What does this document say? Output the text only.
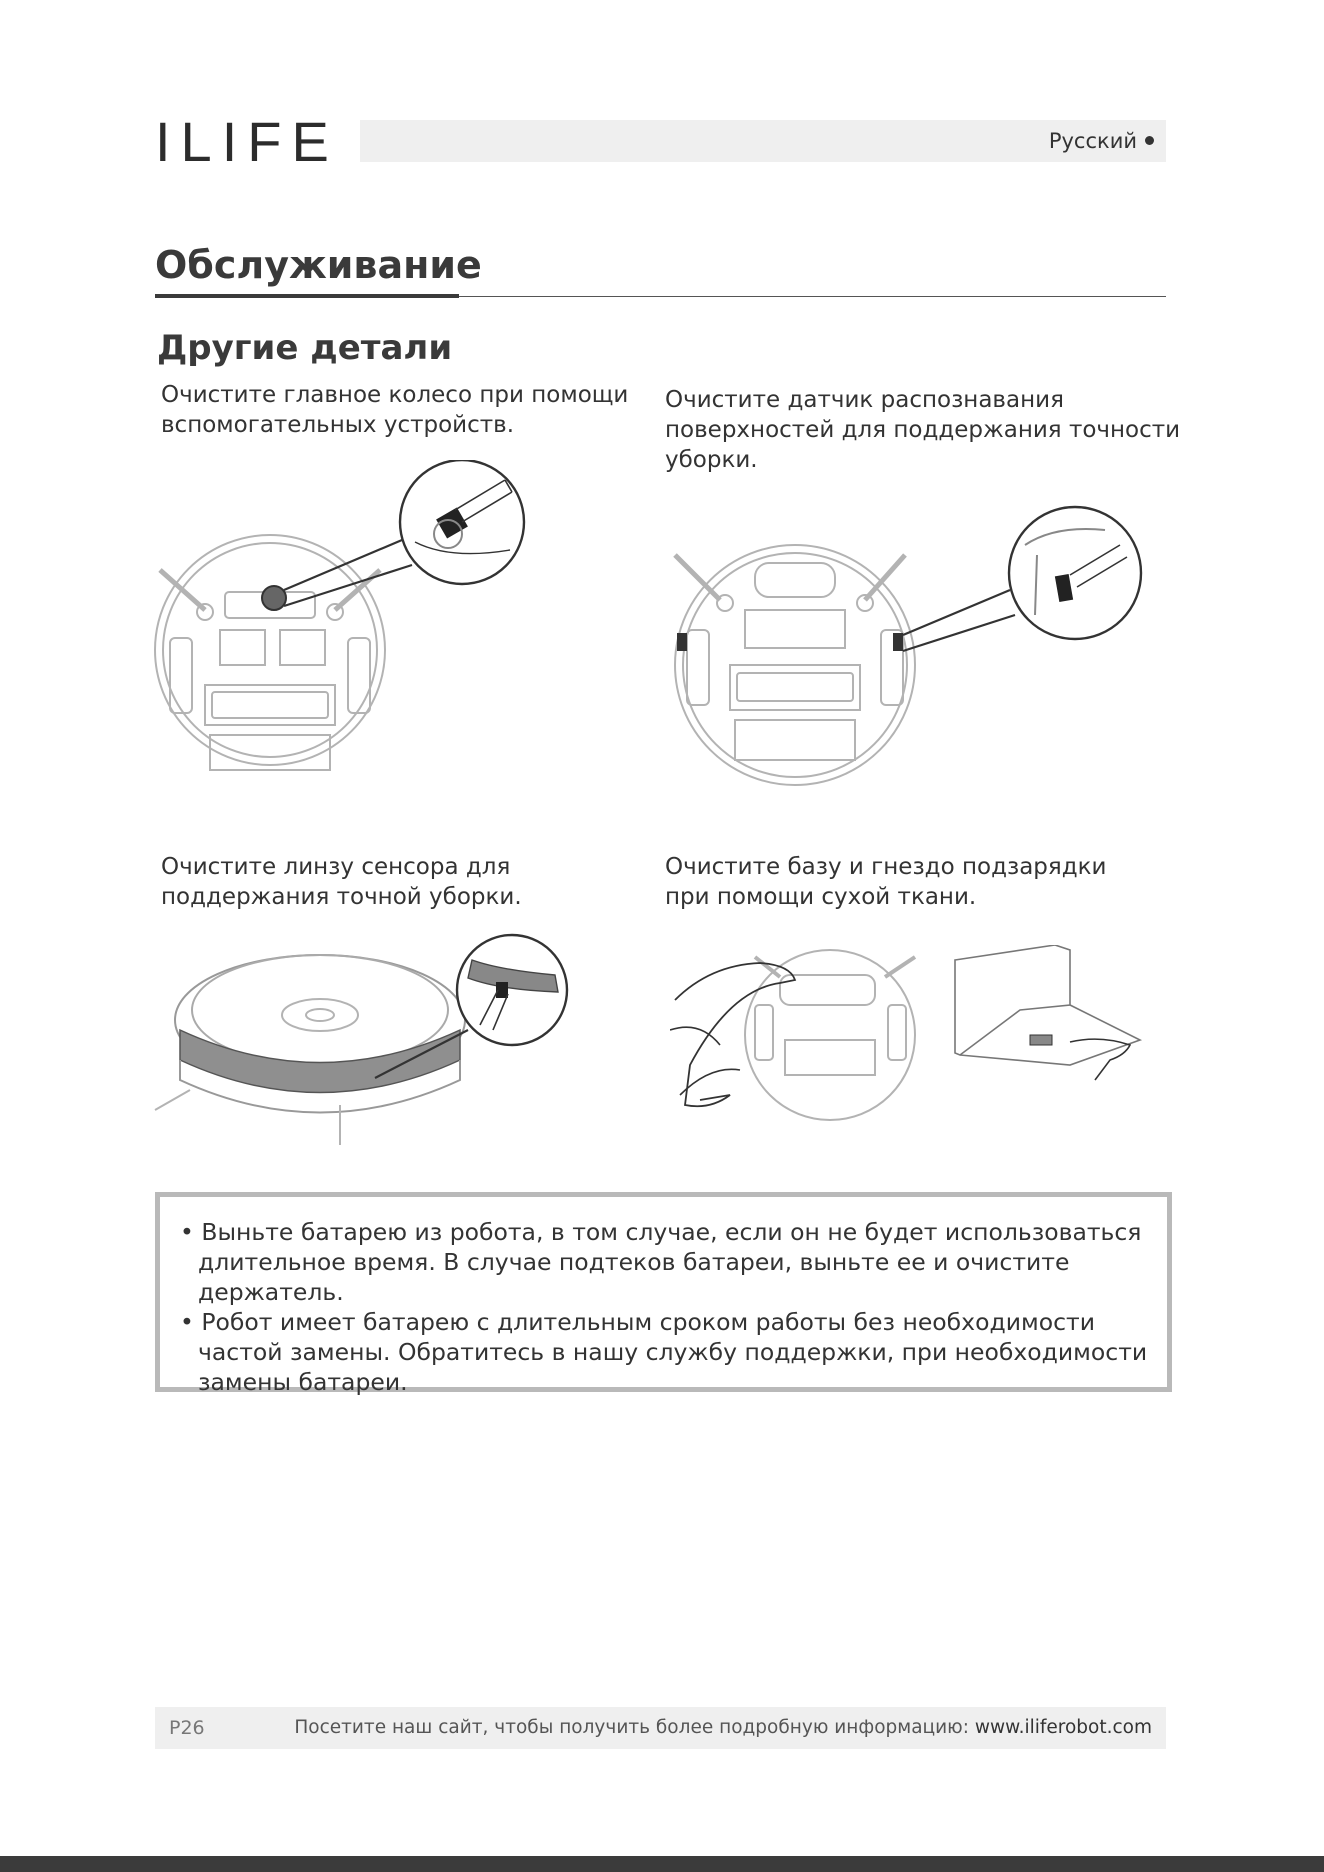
ILIFE	Русский
Обслуживание
Другие детали

Очистите главное колесо при помощи
вспомогательных устройств.

Очистите датчик распознавания
поверхностей для поддержания точности
уборки.

Очистите линзу сенсора для
поддержания точной уборки.

Очистите базу и гнездо подзарядки
при помощи сухой ткани.

• Выньте батарею из робота, в том случае, если он не будет использоваться длительное время. В случае подтеков батареи, выньте ее и очистите держатель.
• Робот имеет батарею с длительным сроком работы без необходимости частой замены. Обратитесь в нашу службу поддержки, при необходимости замены батареи.
P26	Посетите наш сайт, чтобы получить более подробную информацию: www.iliferobot.com
